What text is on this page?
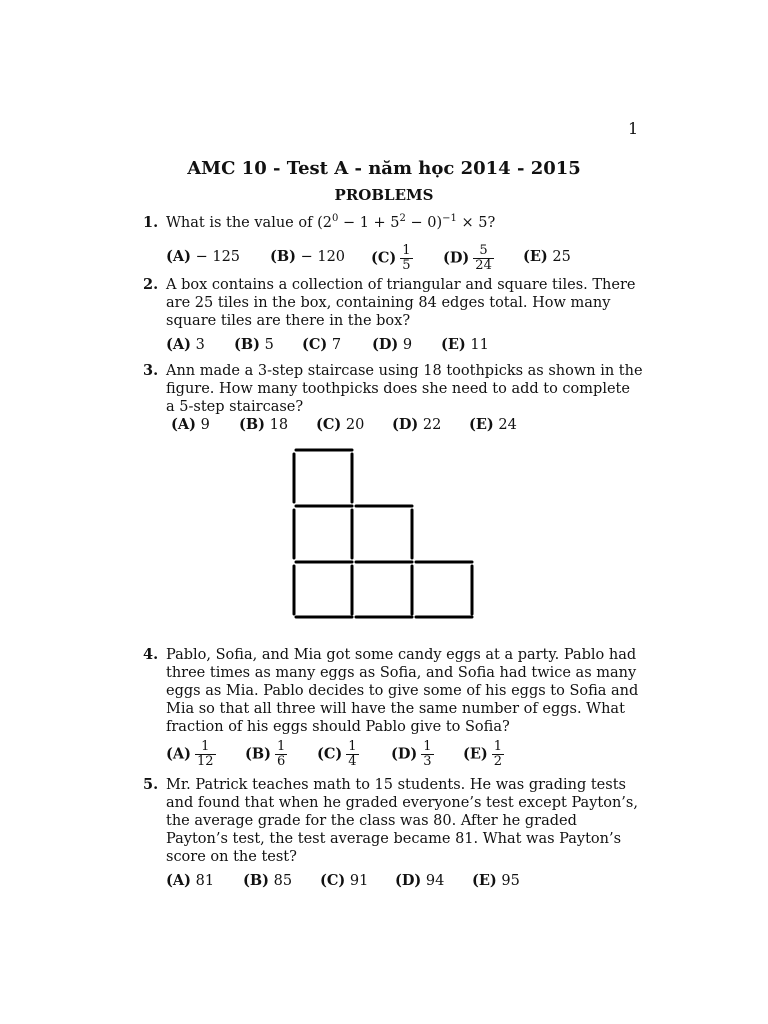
1
AMC 10 - Test A - năm học 2014 - 2015
PROBLEMS
1. What is the value of $(2^0 - 1 + 5^2 - 0)^{-1} \times 5$?
(A) − 125 (B) − 120 $(C) \frac{1}{5} (D) \frac{5}{24} (E)$ 25
2. A box contains a collection of triangular and square tiles. There are 25 tiles in the box, containing 84 edges total. How many square tiles are there in the box?
(A) 3 (B) 5 (C) 7 (D) 9 (E) 11
3. Ann made a 3-step staircase using 18 toothpicks as shown in the figure. How many toothpicks does she need to add to complete a 5-step staircase?
(A) 9 (B) 18 (C) 20 (D) 22 (E) 24
4. Pablo, Sofia, and Mia got some candy eggs at a party. Pablo had three times as many eggs as Sofia, and Sofia had twice as many eggs as Mia. Pablo decides to give some of his eggs to Sofia and Mia so that all three will have the same number of eggs. What fraction of his eggs should Pablo give to Sofia?
$(A) \frac{1}{12} (B) \frac{1}{6} (C) \frac{1}{4} (D) \frac{1}{3} (E) \frac{1}{2}$
5. Mr. Patrick teaches math to 15 students. He was grading tests and found that when he graded everyone’s test except Payton’s, the average grade for the class was 80. After he graded Payton’s test, the test average became 81. What was Payton’s score on the test?
(A) 81 (B) 85 (C) 91 (D) 94 (E) 95
